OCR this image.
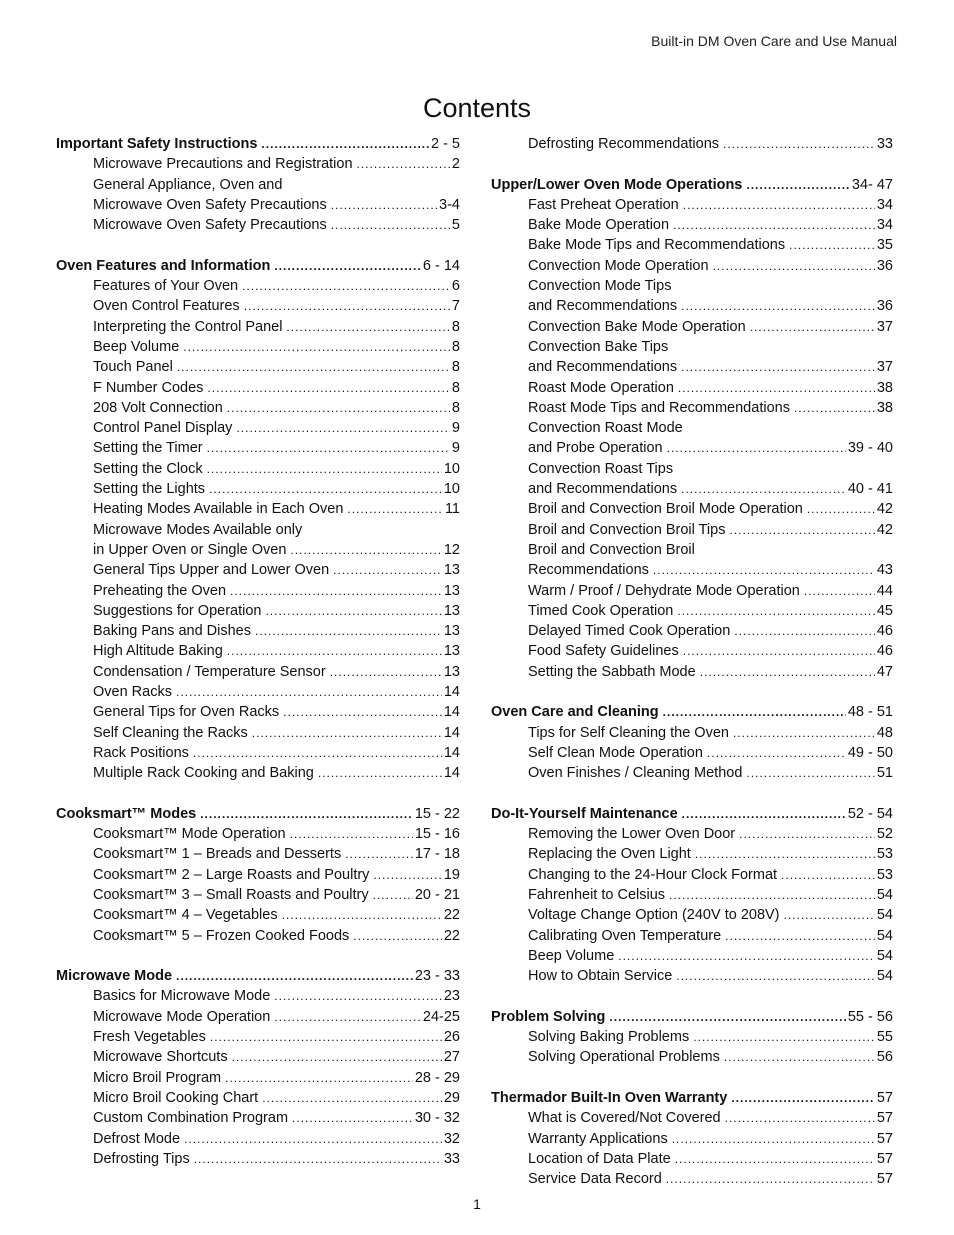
Built-in DM Oven Care and Use Manual
Contents
Important Safety Instructions .....	2 - 5
Microwave Precautions and Registration .....	2
General Appliance, Oven and
Microwave Oven Safety Precautions .....	3-4
Microwave Oven Safety Precautions .....	5
Oven Features and Information .....	6 - 14
Features of Your Oven .....	6
Oven Control Features .....	7
Interpreting the Control Panel .....	8
Beep Volume .....	8
Touch Panel .....	8
F Number Codes .....	8
208 Volt Connection .....	8
Control Panel Display .....	9
Setting the Timer .....	9
Setting the Clock .....	10
Setting the Lights .....	10
Heating Modes Available in Each Oven .....	11
Microwave Modes Available only
in Upper Oven or Single Oven .....	12
General Tips Upper and Lower Oven .....	13
Preheating the Oven .....	13
Suggestions for Operation .....	13
Baking Pans and Dishes .....	13
High Altitude Baking .....	13
Condensation / Temperature Sensor .....	13
Oven Racks .....	14
General Tips for Oven Racks .....	14
Self Cleaning the Racks .....	14
Rack Positions .....	14
Multiple Rack Cooking and Baking .....	14
Cooksmart™ Modes .....	15 - 22
Cooksmart™ Mode Operation .....	15 - 16
Cooksmart™ 1 – Breads and Desserts .....	17 - 18
Cooksmart™ 2 – Large Roasts and Poultry .....	19
Cooksmart™ 3 – Small Roasts and Poultry .....	20 - 21
Cooksmart™ 4 – Vegetables .....	22
Cooksmart™ 5 – Frozen Cooked Foods .....	22
Microwave Mode .....	23 - 33
Basics for Microwave Mode .....	23
Microwave Mode Operation .....	24-25
Fresh Vegetables .....	26
Microwave Shortcuts .....	27
Micro Broil Program .....	28 - 29
Micro Broil Cooking Chart .....	29
Custom Combination Program .....	30 - 32
Defrost Mode .....	32
Defrosting Tips .....	33
Defrosting Recommendations .....	33
Upper/Lower Oven Mode Operations .....	34- 47
Fast Preheat Operation .....	34
Bake Mode Operation .....	34
Bake Mode Tips and Recommendations .....	35
Convection Mode Operation .....	36
Convection Mode Tips
and Recommendations .....	36
Convection Bake Mode Operation .....	37
Convection Bake Tips
and Recommendations .....	37
Roast Mode Operation .....	38
Roast Mode Tips and Recommendations .....	38
Convection Roast Mode
and Probe Operation .....	39 - 40
Convection Roast Tips
and Recommendations .....	40 - 41
Broil and Convection Broil Mode Operation .....	42
Broil and Convection Broil Tips .....	42
Broil and Convection Broil
Recommendations .....	43
Warm / Proof / Dehydrate Mode Operation .....	44
Timed Cook Operation .....	45
Delayed Timed Cook Operation .....	46
Food Safety Guidelines .....	46
Setting the Sabbath Mode .....	47
Oven Care and Cleaning .....	48 - 51
Tips for Self Cleaning the Oven .....	48
Self Clean Mode Operation .....	49 - 50
Oven Finishes / Cleaning Method .....	51
Do-It-Yourself Maintenance .....	52 - 54
Removing the Lower Oven Door .....	52
Replacing the Oven Light .....	53
Changing to the 24-Hour Clock Format .....	53
Fahrenheit to Celsius .....	54
Voltage Change Option (240V to 208V) .....	54
Calibrating Oven Temperature .....	54
Beep Volume .....	54
How to Obtain Service .....	54
Problem Solving .....	55 - 56
Solving Baking Problems .....	55
Solving Operational Problems .....	56
Thermador Built-In Oven Warranty .....	57
What is Covered/Not Covered .....	57
Warranty Applications .....	57
Location of Data Plate .....	57
Service Data Record .....	57
1
